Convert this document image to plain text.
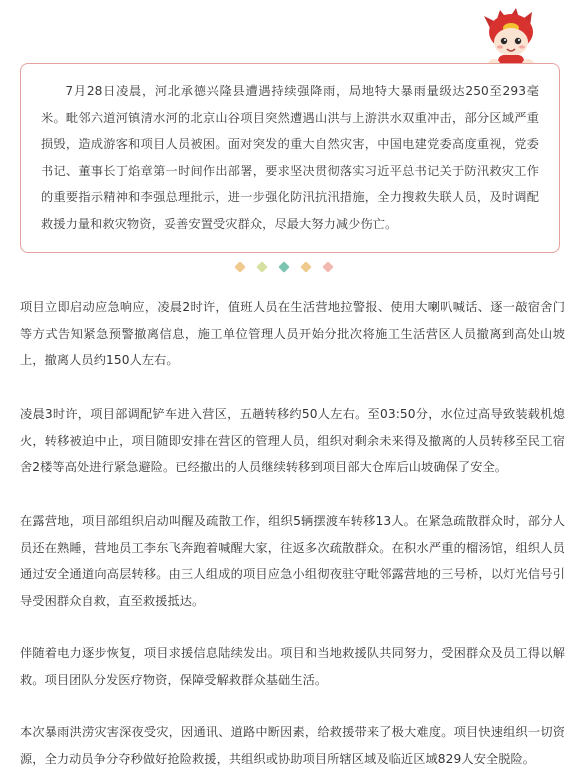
7月28日凌晨，河北承德兴隆县遭遇持续强降雨，局地特大暴雨量级达250至293毫米。毗邻六道河镇清水河的北京山谷项目突然遭遇山洪与上游洪水双重冲击，部分区域严重损毁，造成游客和项目人员被困。面对突发的重大自然灾害，中国电建党委高度重视，党委书记、董事长丁焰章第一时间作出部署，要求坚决贯彻落实习近平总书记关于防汛救灾工作的重要指示精神和李强总理批示，进一步强化防汛抗汛措施，全力搜救失联人员，及时调配救援力量和救灾物资，妥善安置受灾群众，尽最大努力减少伤亡。

项目立即启动应急响应，凌晨2时许，值班人员在生活营地拉警报、使用大喇叭喊话、逐一敲宿舍门等方式告知紧急预警撤离信息，施工单位管理人员开始分批次将施工生活营区人员撤离到高处山坡上，撤离人员约150人左右。

凌晨3时许，项目部调配铲车进入营区，五趟转移约50人左右。至03:50分，水位过高导致装载机熄火，转移被迫中止，项目随即安排在营区的管理人员，组织对剩余未来得及撤离的人员转移至民工宿舍2楼等高处进行紧急避险。已经撤出的人员继续转移到项目部大仓库后山坡确保了安全。

在露营地，项目部组织启动叫醒及疏散工作，组织5辆摆渡车转移13人。在紧急疏散群众时，部分人员还在熟睡，营地员工李东飞奔跑着喊醒大家，往返多次疏散群众。在积水严重的榴汤馆，组织人员通过安全通道向高层转移。由三人组成的项目应急小组彻夜驻守毗邻露营地的三号桥，以灯光信号引导受困群众自救，直至救援抵达。

伴随着电力逐步恢复，项目求援信息陆续发出。项目和当地救援队共同努力，受困群众及员工得以解救。项目团队分发医疗物资，保障受解救群众基础生活。

本次暴雨洪涝灾害深夜受灾，因通讯、道路中断因素，给救援带来了极大难度。项目快速组织一切资源，全力动员争分夺秒做好抢险救援，共组织或协助项目所辖区域及临近区域829人安全脱险。
